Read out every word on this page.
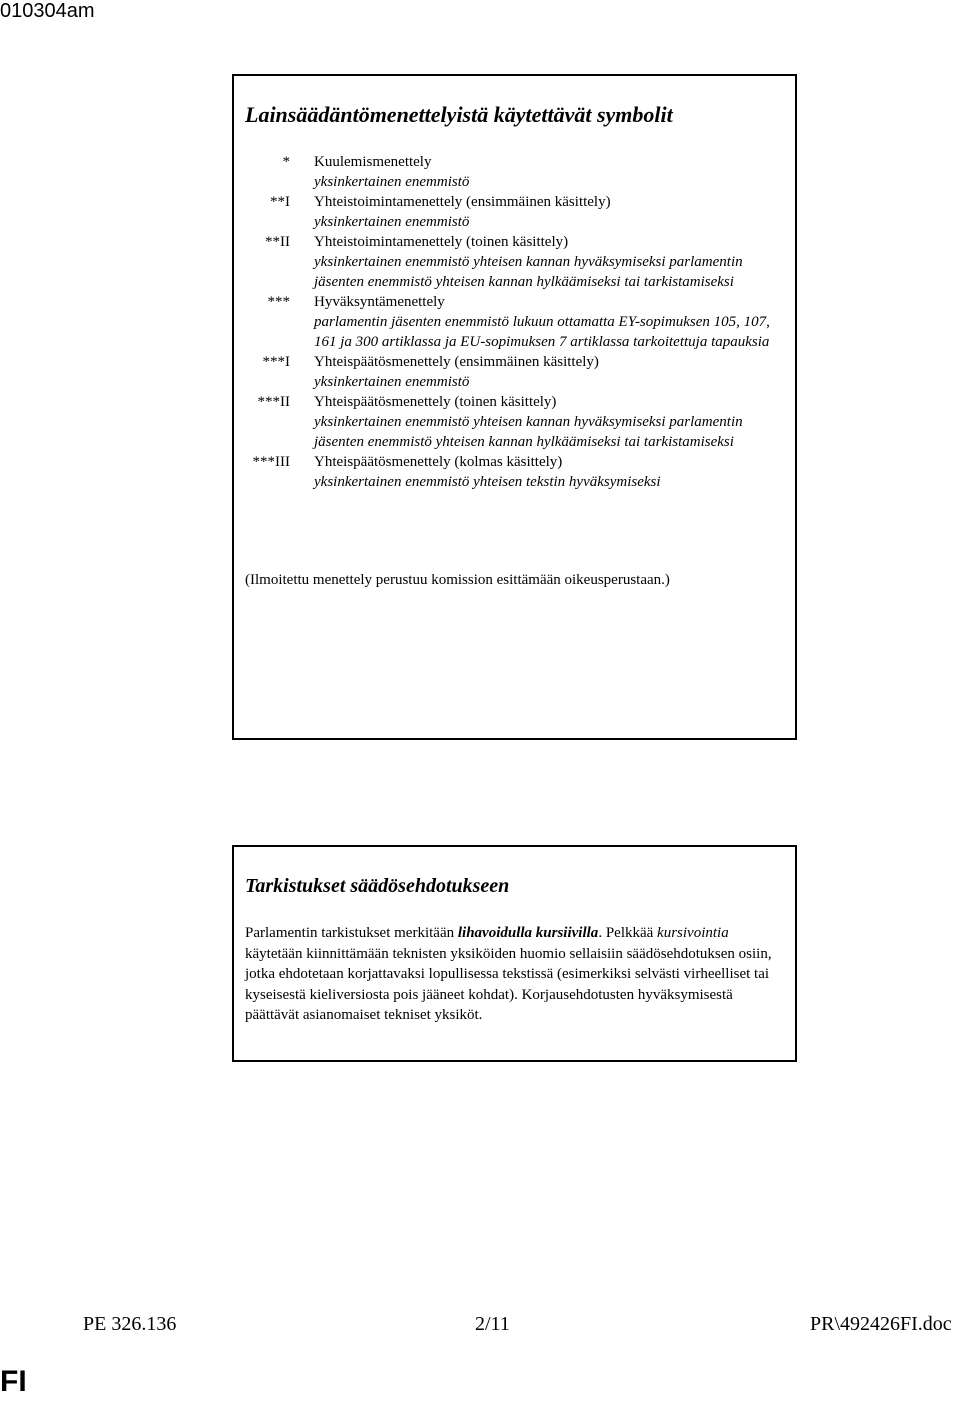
010304am
Lainsäädäntömenettelyistä käytettävät symbolit
* Kuulemismenettely
yksinkertainen enemmistö
**I Yhteistoimintamenettely (ensimmäinen käsittely)
yksinkertainen enemmistö
**II Yhteistoimintamenettely (toinen käsittely)
yksinkertainen enemmistö yhteisen kannan hyväksymiseksi parlamentin jäsenten enemmistö yhteisen kannan hylkäämiseksi tai tarkistamiseksi
*** Hyväksyntämenettely
parlamentin jäsenten enemmistö lukuun ottamatta EY-sopimuksen 105, 107, 161 ja 300 artiklassa ja EU-sopimuksen 7 artiklassa tarkoitettuja tapauksia
***I Yhteispäätösmenettely (ensimmäinen käsittely)
yksinkertainen enemmistö
***II Yhteispäätösmenettely (toinen käsittely)
yksinkertainen enemmistö yhteisen kannan hyväksymiseksi parlamentin jäsenten enemmistö yhteisen kannan hylkäämiseksi tai tarkistamiseksi
***III Yhteispäätösmenettely (kolmas käsittely)
yksinkertainen enemmistö yhteisen tekstin hyväksymiseksi
(Ilmoitettu menettely perustuu komission esittämään oikeusperustaan.)
Tarkistukset säädösehdotukseen
Parlamentin tarkistukset merkitään lihavoidulla kursiivilla. Pelkkää kursivointia käytetään kiinnittämään teknisten yksiköiden huomio sellaisiin säädösehdotuksen osiin, jotka ehdotetaan korjattavaksi lopullisessa tekstissä (esimerkiksi selvästi virheelliset tai kyseisestä kieliversiosta pois jääneet kohdat). Korjausehdotusten hyväksymisestä päättävät asianomaiset tekniset yksiköt.
PE 326.136	2/11	PR\492426FI.doc
FI
